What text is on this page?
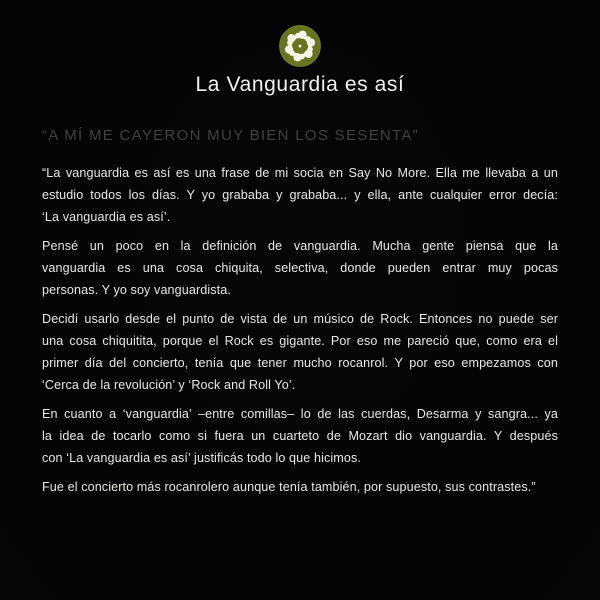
La Vanguardia es así
“A MÍ ME CAYERON MUY BIEN LOS SESENTA”

“La vanguardia es así es una frase de mi socia en Say No More. Ella me llevaba a un
estudio todos los días. Y yo grababa y grababa... y ella, ante cualquier error decía:
‘La vanguardia es así’.

Pensé un poco en la definición de vanguardia. Mucha gente piensa que la
vanguardia es una cosa chiquita, selectiva, donde pueden entrar muy pocas
personas. Y yo soy vanguardista.

Decidí usarlo desde el punto de vista de un músico de Rock. Entonces no puede ser
una cosa chiquitita, porque el Rock es gigante. Por eso me pareció que, como era el
primer día del concierto, tenía que tener mucho rocanrol. Y por eso empezamos con
‘Cerca de la revolución’ y ‘Rock and Roll Yo’.

En cuanto a ‘vanguardia’ –entre comillas– lo de las cuerdas, Desarma y sangra... ya
la idea de tocarlo como si fuera un cuarteto de Mozart dio vanguardia. Y después
con ‘La vanguardia es así’ justificás todo lo que hicimos.

Fue el concierto más rocanrolero aunque tenía también, por supuesto, sus contrastes.”
